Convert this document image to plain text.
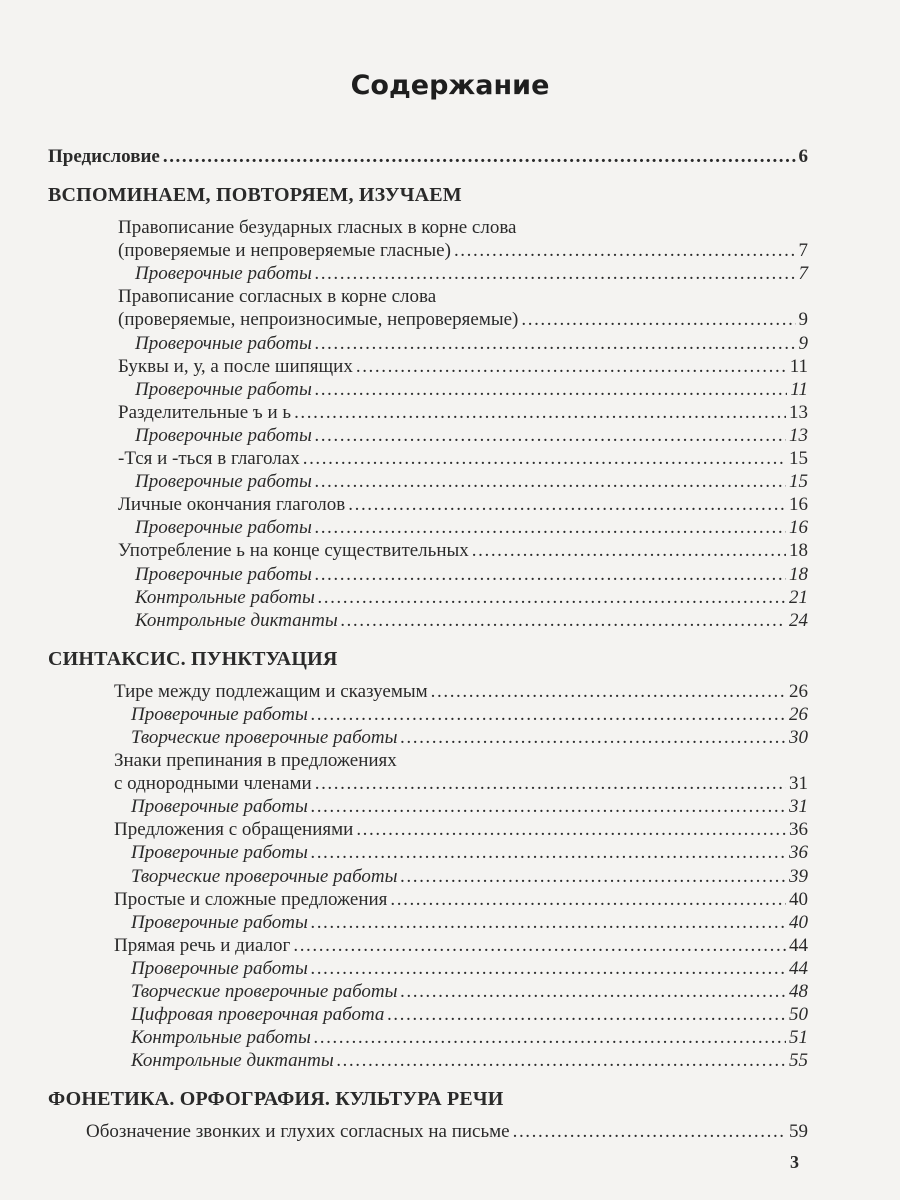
Содержание
Предисловие .....	6
ВСПОМИНАЕМ, ПОВТОРЯЕМ, ИЗУЧАЕМ
Правописание безударных гласных в корне слова
(проверяемые и непроверяемые гласные) .....	7
Проверочные работы .....	7
Правописание согласных в корне слова
(проверяемые, непроизносимые, непроверяемые) .....	9
Проверочные работы .....	9
Буквы и, у, а после шипящих .....	11
Проверочные работы .....	11
Разделительные ъ и ь .....	13
Проверочные работы .....	13
-Тся и -ться в глаголах .....	15
Проверочные работы .....	15
Личные окончания глаголов .....	16
Проверочные работы .....	16
Употребление ь на конце существительных .....	18
Проверочные работы .....	18
Контрольные работы .....	21
Контрольные диктанты .....	24
СИНТАКСИС. ПУНКТУАЦИЯ
Тире между подлежащим и сказуемым .....	26
Проверочные работы .....	26
Творческие проверочные работы .....	30
Знаки препинания в предложениях
с однородными членами .....	31
Проверочные работы .....	31
Предложения с обращениями .....	36
Проверочные работы .....	36
Творческие проверочные работы .....	39
Простые и сложные предложения .....	40
Проверочные работы .....	40
Прямая речь и диалог .....	44
Проверочные работы .....	44
Творческие проверочные работы .....	48
Цифровая проверочная работа .....	50
Контрольные работы .....	51
Контрольные диктанты .....	55
ФОНЕТИКА. ОРФОГРАФИЯ. КУЛЬТУРА РЕЧИ
Обозначение звонких и глухих согласных на письме .....	59
3
